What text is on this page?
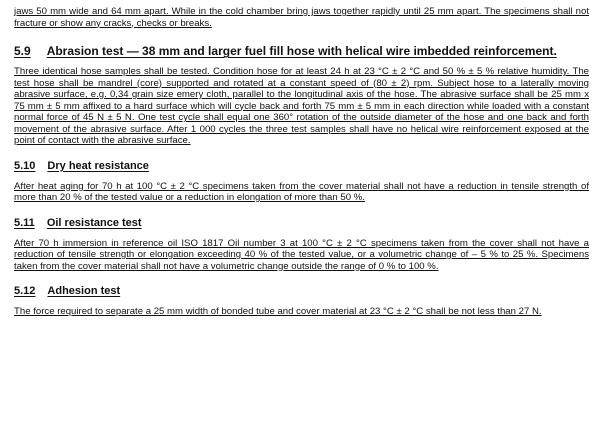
jaws 50 mm wide and 64 mm apart. While in the cold chamber bring jaws together rapidly until 25 mm apart. The specimens shall not fracture or show any cracks, checks or breaks.

5.9 Abrasion test — 38 mm and larger fuel fill hose with helical wire imbedded reinforcement.

Three identical hose samples shall be tested. Condition hose for at least 24 h at 23 °C ± 2 °C and 50 % ± 5 % relative humidity. The test hose shall be mandrel (core) supported and rotated at a constant speed of (80 ± 2) rpm. Subject hose to a laterally moving abrasive surface, e.g. 0,34 grain size emery cloth, parallel to the longitudinal axis of the hose. The abrasive surface shall be 25 mm x 75 mm ± 5 mm affixed to a hard surface which will cycle back and forth 75 mm ± 5 mm in each direction while loaded with a constant normal force of 45 N ± 5 N. One test cycle shall equal one 360° rotation of the outside diameter of the hose and one back and forth movement of the abrasive surface. After 1 000 cycles the three test samples shall have no helical wire reinforcement exposed at the point of contact with the abrasive surface.

5.10 Dry heat resistance

After heat aging for 70 h at 100 °C ± 2 °C specimens taken from the cover material shall not have a reduction in tensile strength of more than 20 % of the tested value or a reduction in elongation of more than 50 %.

5.11 Oil resistance test

After 70 h immersion in reference oil ISO 1817 Oil number 3 at 100 °C ± 2 °C specimens taken from the cover shall not have a reduction of tensile strength or elongation exceeding 40 % of the tested value, or a volumetric change of – 5 % to 25 %. Specimens taken from the cover material shall not have a volumetric change outside the range of 0 % to 100 %.

5.12 Adhesion test

The force required to separate a 25 mm width of bonded tube and cover material at 23 °C ± 2 °C shall be not less than 27 N.
